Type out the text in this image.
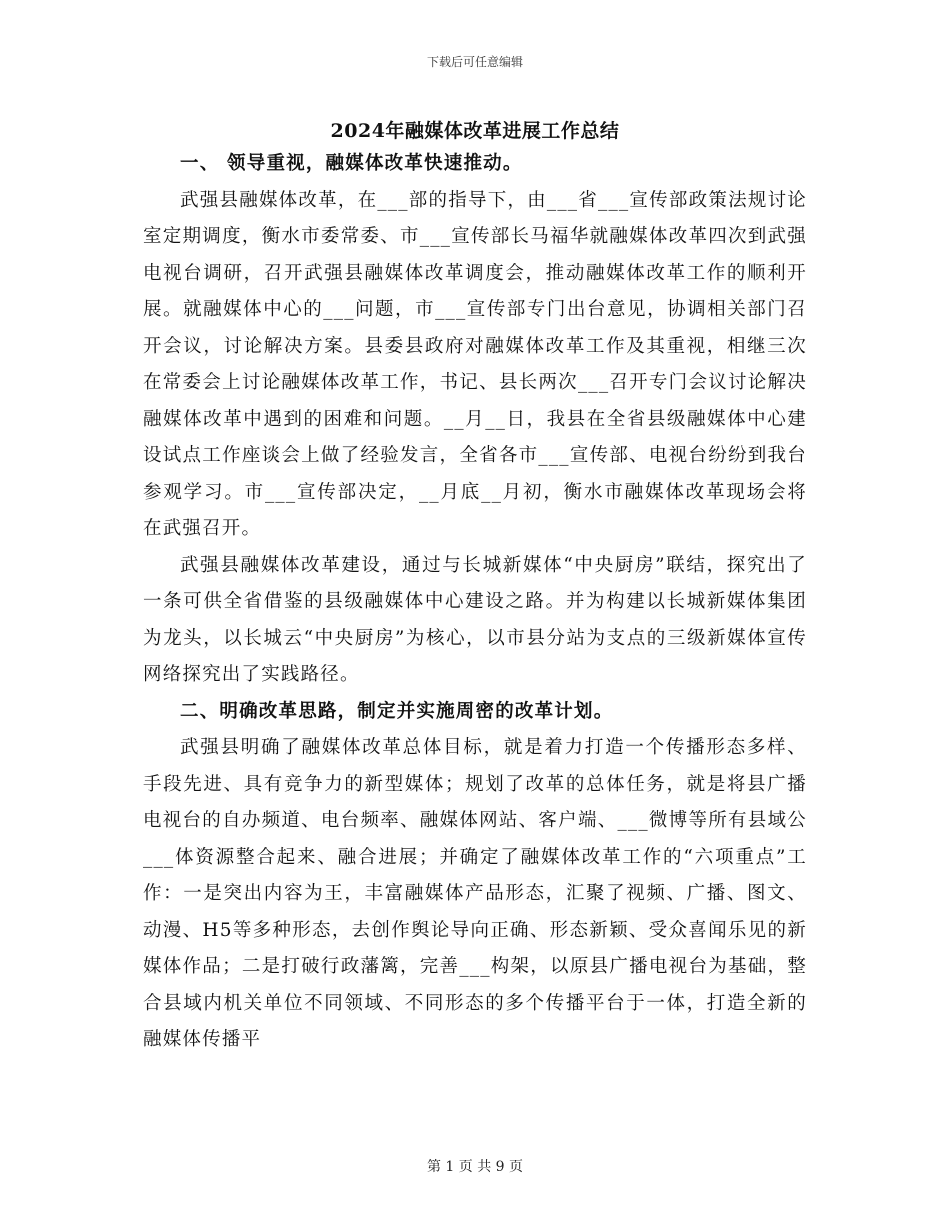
下载后可任意编辑
2024年融媒体改革进展工作总结

一、 领导重视，融媒体改革快速推动。

武强县融媒体改革，在___部的指导下，由___省___宣传部政策法规讨论室定期调度，衡水市委常委、市___宣传部长马福华就融媒体改革四次到武强电视台调研，召开武强县融媒体改革调度会，推动融媒体改革工作的顺利开展。就融媒体中心的___问题，市___宣传部专门出台意见，协调相关部门召开会议，讨论解决方案。县委县政府对融媒体改革工作及其重视，相继三次在常委会上讨论融媒体改革工作，书记、县长两次___召开专门会议讨论解决融媒体改革中遇到的困难和问题。__月__日，我县在全省县级融媒体中心建设试点工作座谈会上做了经验发言，全省各市___宣传部、电视台纷纷到我台参观学习。市___宣传部决定，__月底__月初，衡水市融媒体改革现场会将在武强召开。

武强县融媒体改革建设，通过与长城新媒体“中央厨房”联结，探究出了一条可供全省借鉴的县级融媒体中心建设之路。并为构建以长城新媒体集团为龙头，以长城云“中央厨房”为核心，以市县分站为支点的三级新媒体宣传网络探究出了实践路径。

二、明确改革思路，制定并实施周密的改革计划。

武强县明确了融媒体改革总体目标，就是着力打造一个传播形态多样、手段先进、具有竞争力的新型媒体；规划了改革的总体任务，就是将县广播电视台的自办频道、电台频率、融媒体网站、客户端、___微博等所有县域公___体资源整合起来、融合进展；并确定了融媒体改革工作的“六项重点”工作：一是突出内容为王，丰富融媒体产品形态，汇聚了视频、广播、图文、动漫、H5等多种形态，去创作舆论导向正确、形态新颖、受众喜闻乐见的新媒体作品；二是打破行政藩篱，完善___构架，以原县广播电视台为基础，整合县域内机关单位不同领域、不同形态的多个传播平台于一体，打造全新的融媒体传播平

第 1 页 共 9 页
